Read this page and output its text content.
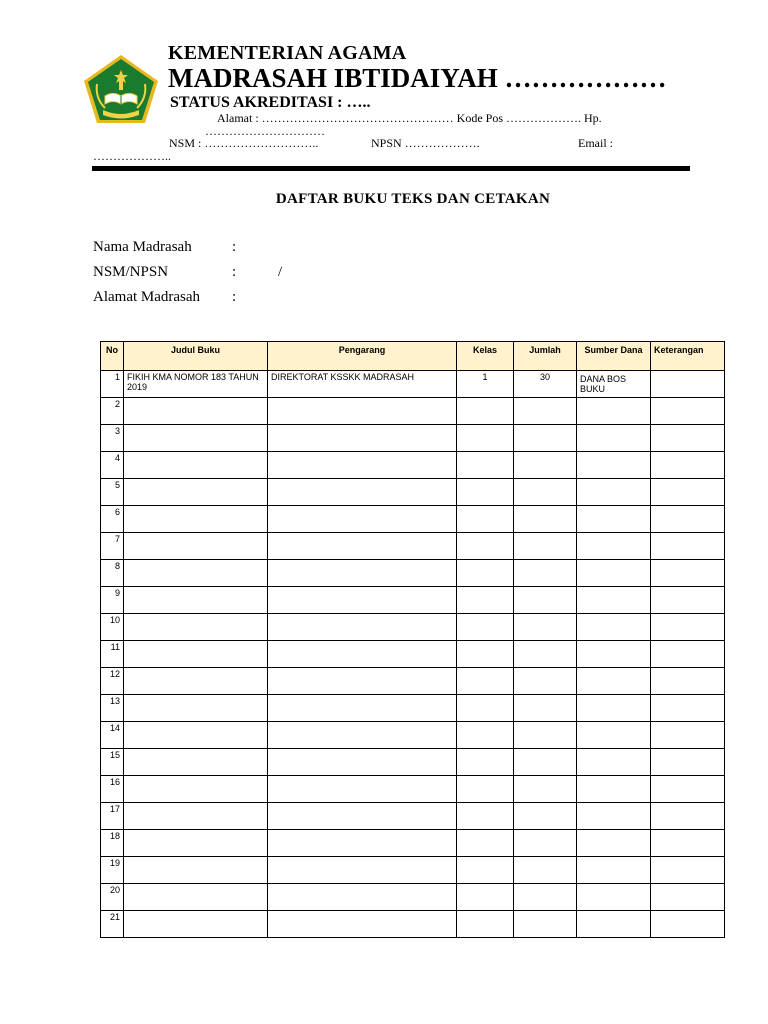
KEMENTERIAN AGAMA
MADRASAH IBTIDAIYAH ………………
STATUS AKREDITASI : …..
Alamat : ………………………………………… Kode Pos ………………. Hp.
…………………………
NSM : ………………………..	NPSN ……………….	Email :
………………..
DAFTAR BUKU TEKS DAN CETAKAN
Nama Madrasah	:
NSM/NPSN	:	/
Alamat Madrasah :
No	Judul Buku	Pengarang	Kelas	Jumlah	Sumber Dana	Keterangan
1	FIKIH KMA NOMOR 183 TAHUN 2019	DIREKTORAT KSSKK MADRASAH	1	30	DANA BOS BUKU	
2						
3						
4						
5						
6						
7						
8						
9						
10						
11						
12						
13						
14						
15						
16						
17						
18						
19						
20						
21						
